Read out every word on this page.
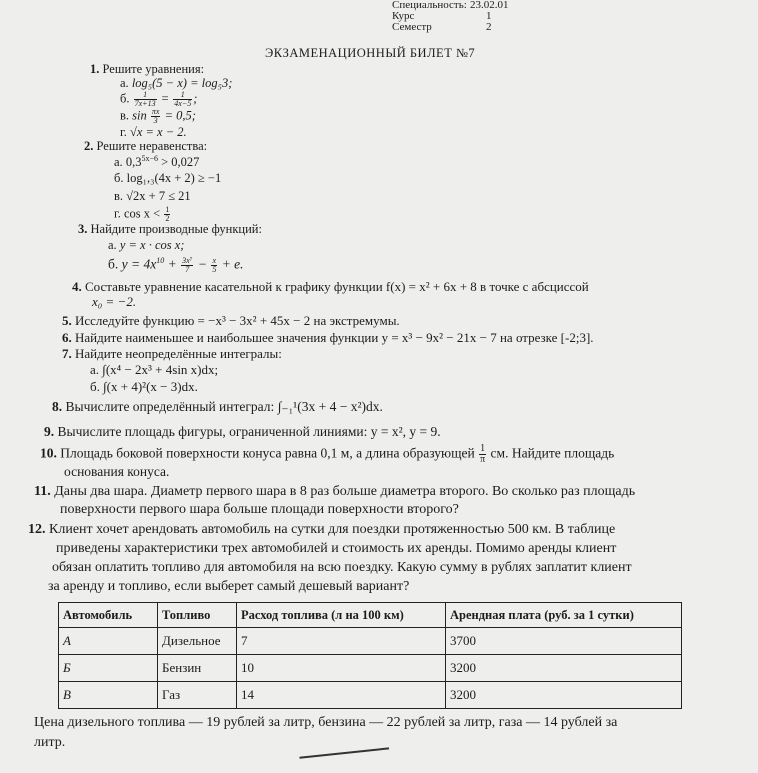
Специальность: 23.02.01
Курс	1
Семестр	2
ЭКЗАМЕНАЦИОННЫЙ БИЛЕТ №7
1. Решите уравнения:
а. log₅(5 − x) = log₅3;
б. $\frac{1}{7x+13} = \frac{1}{4x-5}$ ;
в. $\sin \frac{\pi x}{3} = 0,5$;
г. √x = x − 2.
2. Решите неравенства:
а. $0,3^{5x-6} > 0,027$
б. log₁,₃(4x + 2) ≥ −1
в. √2x + 7 ≤ 21
г. $\cos x < \frac{1}{2}$
3. Найдите производные функций:
а. y = x · cos x;
б. $y = 4x^{10} + \frac{\text{3x⁷}}{7} - \frac{x}{5} + e$.
4. Составьте уравнение касательной к графику функции f(x) = x² + 6x + 8 в точке с абсциссой
x₀ = −2.
5. Исследуйте функцию = −x³ − 3x² + 45x − 2 на экстремумы.
6. Найдите наименьшее и наибольшее значения функции y = x³ − 9x² − 21x − 7 на отрезке [-2;3].
7. Найдите неопределённые интегралы:
а. ∫(x⁴ − 2x³ + 4sin x)dx;
б. ∫(x + 4)²(x − 3)dx.
8. Вычислите определённый интеграл: ∫₋₁¹(3x + 4 − x²)dx.
9. Вычислите площадь фигуры, ограниченной линиями: y = x², y = 9.
10. Площадь боковой поверхности конуса равна 0,1 м, а длина образующей $\frac{1}{\pi}$ см. Найдите площадь
основания конуса.
11. Даны два шара. Диаметр первого шара в 8 раз больше диаметра второго. Во сколько раз площадь
поверхности первого шара больше площади поверхности второго?
12. Клиент хочет арендовать автомобиль на сутки для поездки протяженностью 500 км. В таблице
приведены характеристики трех автомобилей и стоимость их аренды. Помимо аренды клиент
обязан оплатить топливо для автомобиля на всю поездку. Какую сумму в рублях заплатит клиент
за аренду и топливо, если выберет самый дешевый вариант?
Автомобиль	Топливо	Расход топлива (л на 100 км)	Арендная плата (руб. за 1 сутки)
А	Дизельное	7	3700
Б	Бензин	10	3200
В	Газ	14	3200
Цена дизельного топлива — 19 рублей за литр, бензина — 22 рублей за литр, газа — 14 рублей за
литр.
